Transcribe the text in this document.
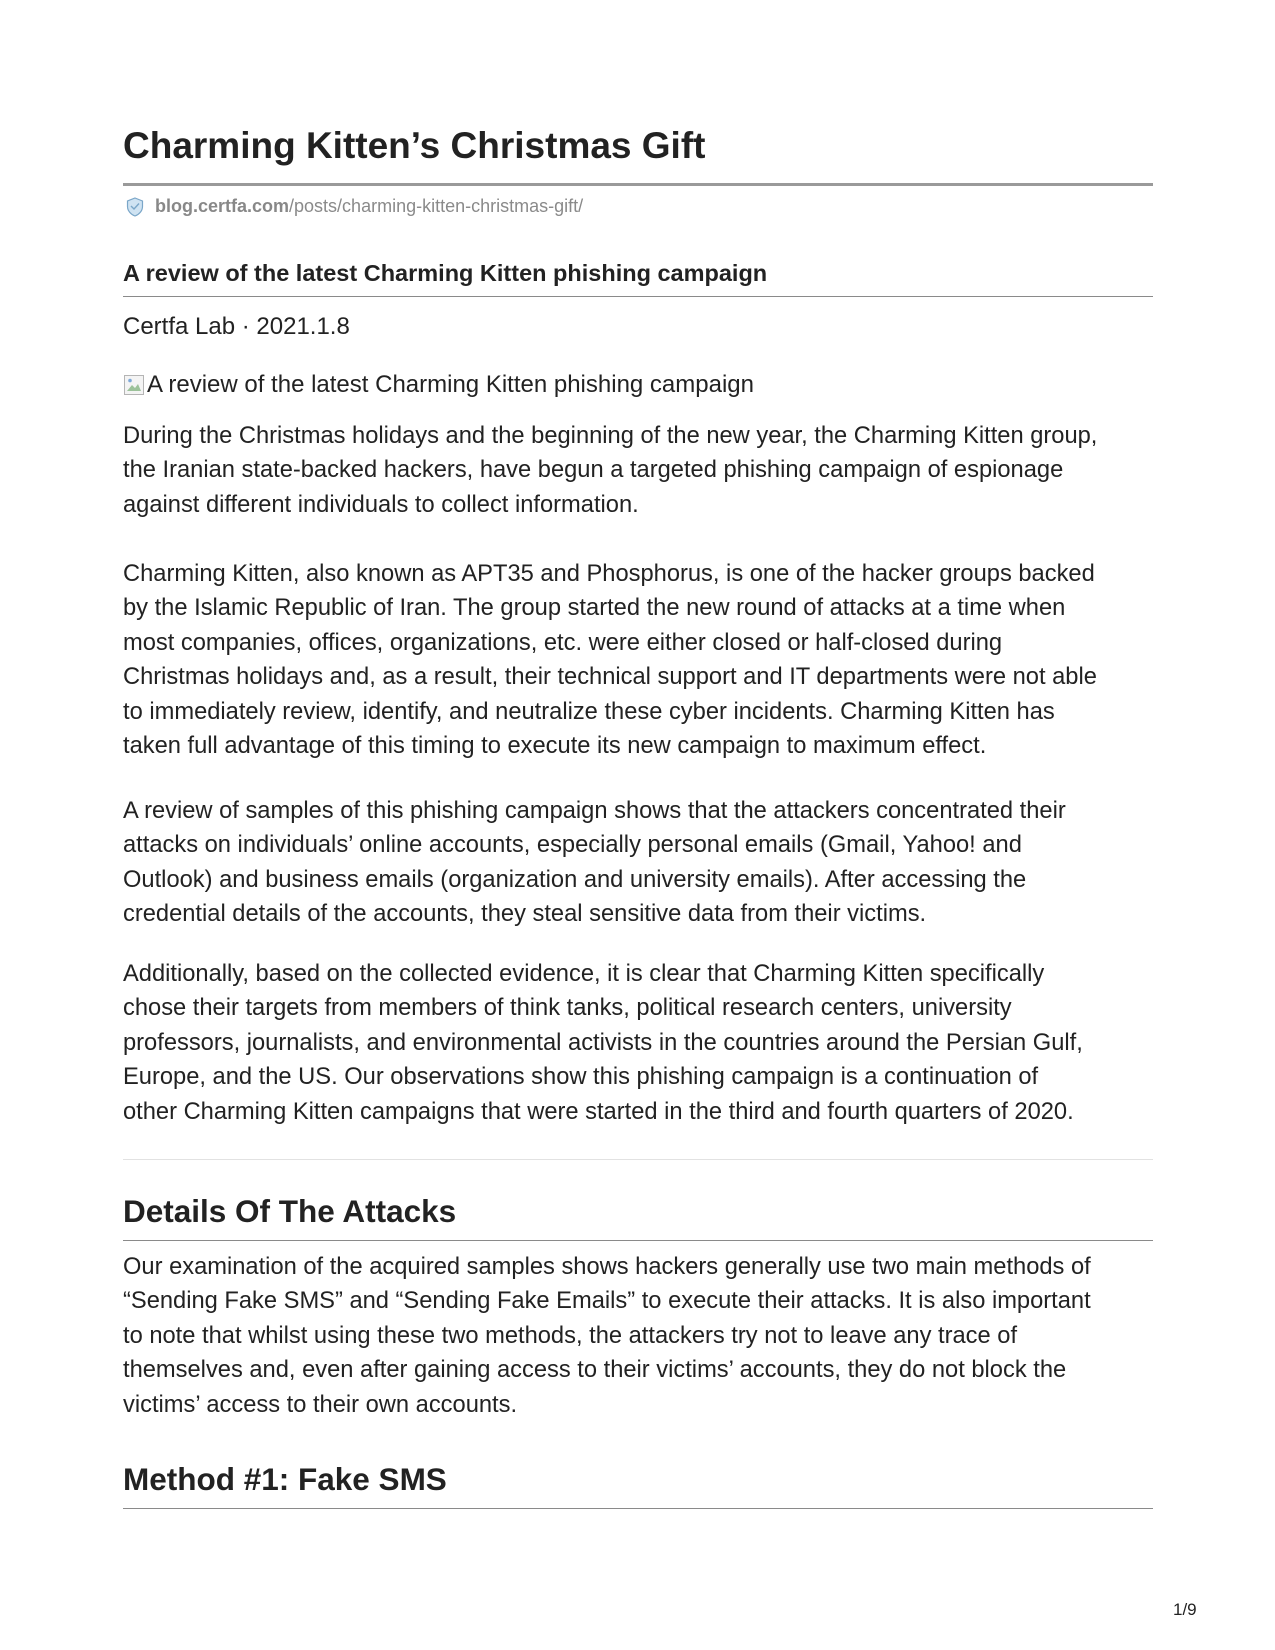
Charming Kitten’s Christmas Gift
blog.certfa.com /posts/charming-kitten-christmas-gift/
A review of the latest Charming Kitten phishing campaign
Certfa Lab · 2021.1.8
A review of the latest Charming Kitten phishing campaign

During the Christmas holidays and the beginning of the new year, the Charming Kitten group,
the Iranian state-backed hackers, have begun a targeted phishing campaign of espionage
against different individuals to collect information.

Charming Kitten, also known as APT35 and Phosphorus, is one of the hacker groups backed
by the Islamic Republic of Iran. The group started the new round of attacks at a time when
most companies, offices, organizations, etc. were either closed or half-closed during
Christmas holidays and, as a result, their technical support and IT departments were not able
to immediately review, identify, and neutralize these cyber incidents. Charming Kitten has
taken full advantage of this timing to execute its new campaign to maximum effect.

A review of samples of this phishing campaign shows that the attackers concentrated their
attacks on individuals’ online accounts, especially personal emails (Gmail, Yahoo! and
Outlook) and business emails (organization and university emails). After accessing the
credential details of the accounts, they steal sensitive data from their victims.

Additionally, based on the collected evidence, it is clear that Charming Kitten specifically
chose their targets from members of think tanks, political research centers, university
professors, journalists, and environmental activists in the countries around the Persian Gulf,
Europe, and the US. Our observations show this phishing campaign is a continuation of
other Charming Kitten campaigns that were started in the third and fourth quarters of 2020.

Details Of The Attacks

Our examination of the acquired samples shows hackers generally use two main methods of
“Sending Fake SMS” and “Sending Fake Emails” to execute their attacks. It is also important
to note that whilst using these two methods, the attackers try not to leave any trace of
themselves and, even after gaining access to their victims’ accounts, they do not block the
victims’ access to their own accounts.

Method #1: Fake SMS
1/9
